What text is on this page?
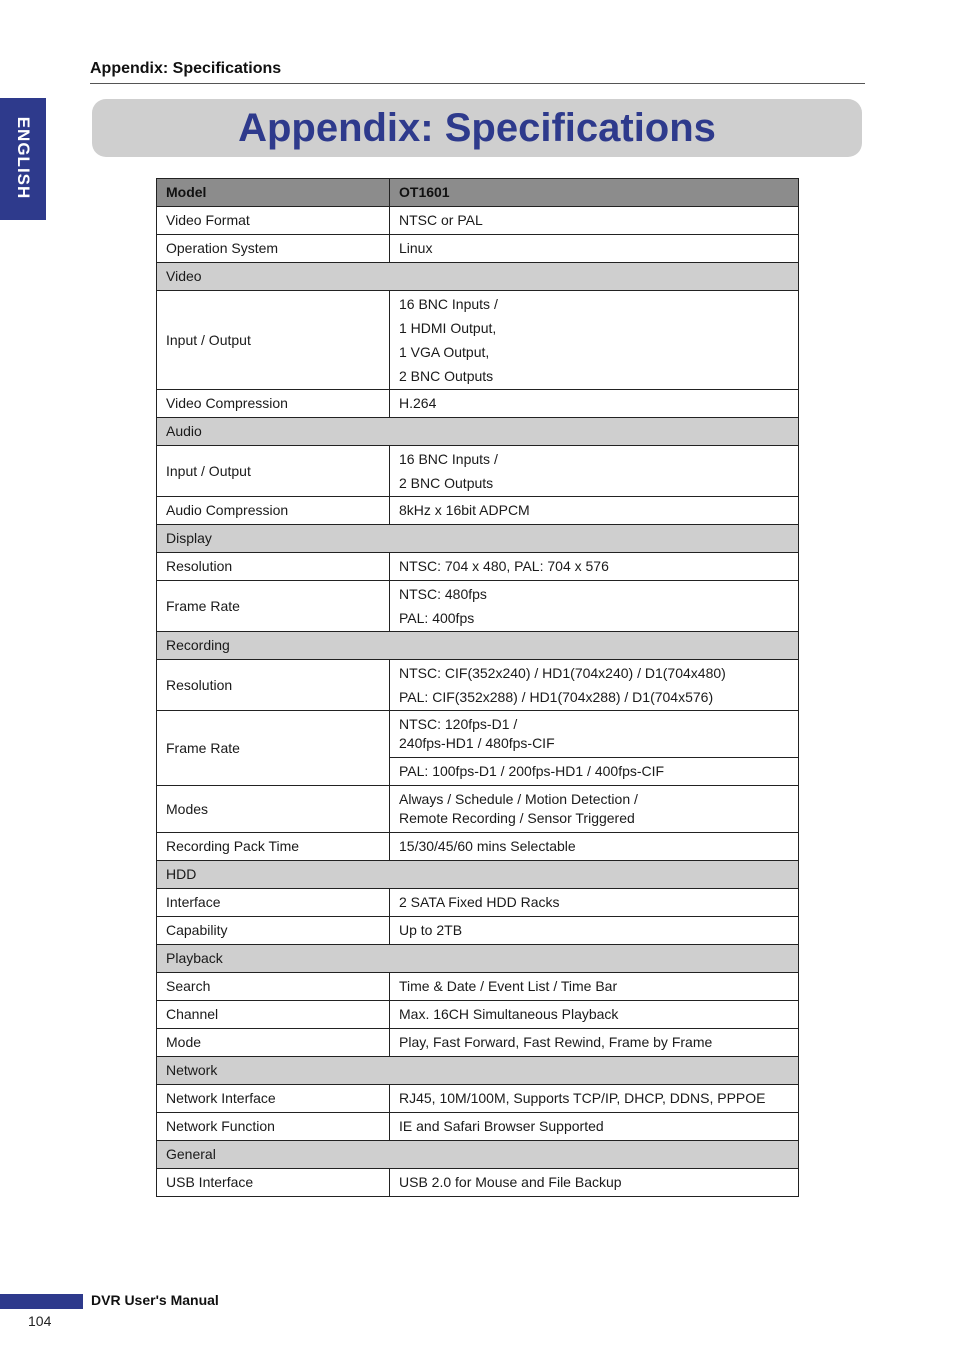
Appendix: Specifications
ENGLISH	Appendix: Specifications
Model	OT1601
Video Format	NTSC or PAL
Operation System	Linux
Video	
Input / Output	16 BNC Inputs /
1 HDMI Output,
1 VGA Output,
2 BNC Outputs

Video Compression	H.264
Audio	
Input / Output	16 BNC Inputs /
2 BNC Outputs

Audio Compression	8kHz x 16bit ADPCM
Display	
Resolution	NTSC: 704 x 480, PAL: 704 x 576
Frame Rate	NTSC: 480fps
PAL: 400fps

Recording	
Resolution	NTSC: CIF(352x240) / HD1(704x240) / D1(704x480)
PAL: CIF(352x288) / HD1(704x288) / D1(704x576)

Frame Rate	NTSC: 120fps-D1 /
240fps-HD1 / 480fps-CIF

	PAL: 100fps-D1 / 200fps-HD1 / 400fps-CIF
Modes	Always / Schedule / Motion Detection /
Remote Recording / Sensor Triggered

Recording Pack Time	15/30/45/60 mins Selectable
HDD	
Interface	2 SATA Fixed HDD Racks
Capability	Up to 2TB
Playback	
Search	Time & Date / Event List / Time Bar
Channel	Max. 16CH Simultaneous Playback
Mode	Play, Fast Forward, Fast Rewind, Frame by Frame
Network	
Network Interface	RJ45, 10M/100M, Supports TCP/IP, DHCP, DDNS, PPPOE
Network Function	IE and Safari Browser Supported
General	
USB Interface	USB 2.0 for Mouse and File Backup
DVR User's Manual
104
